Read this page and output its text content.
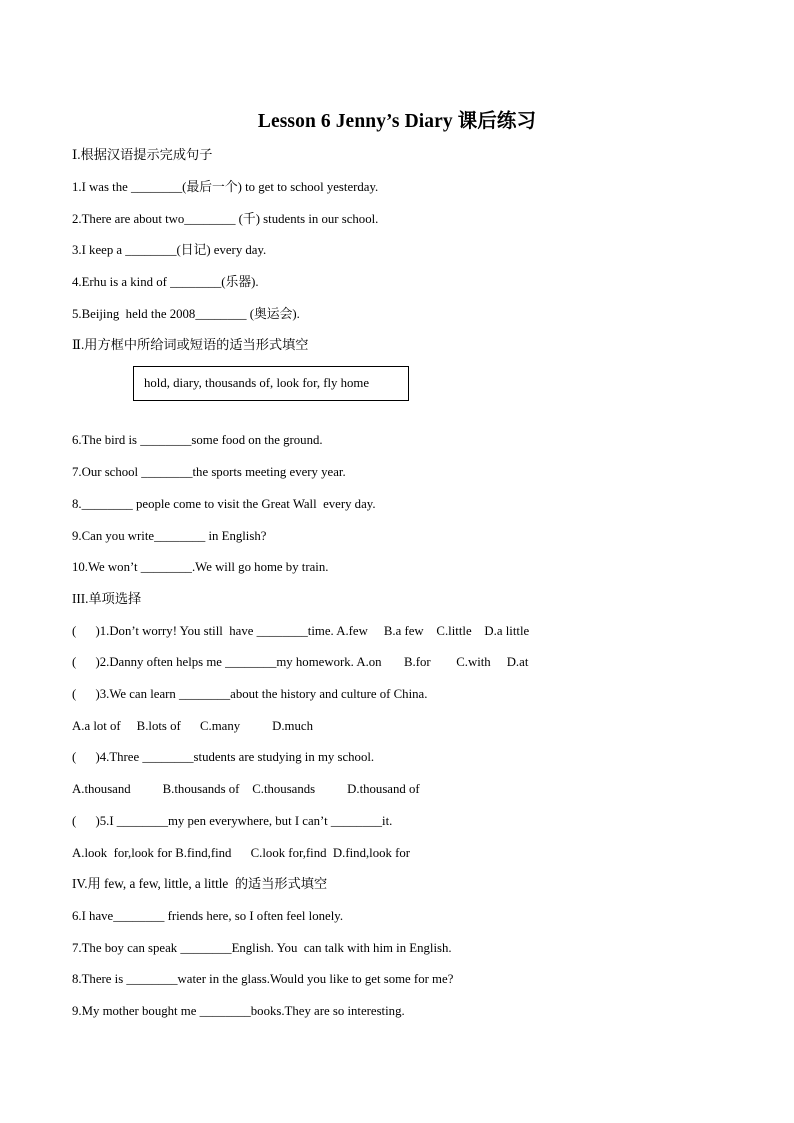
Lesson 6 Jenny’s Diary 课后练习
Ⅰ.根据汉语提示完成句子
1.I was the ________(最后一个) to get to school yesterday.
2.There are about two________ (千) students in our school.
3.I keep a ________(日记) every day.
4.Erhu is a kind of ________(乐器).
5.Beijing  held the 2008________ (奥运会).
Ⅱ.用方框中所给词或短语的适当形式填空
hold, diary, thousands of, look for, fly home
6.The bird is ________some food on the ground.
7.Our school ________the sports meeting every year.
8.________ people come to visit the Great Wall  every day.
9.Can you write________ in English?
10.We won’t ________.We will go home by train.
III.单项选择
(      )1.Don’t worry! You still  have ________time. A.few     B.a few    C.little    D.a little
(      )2.Danny often helps me ________my homework. A.on       B.for        C.with     D.at
(      )3.We can learn ________about the history and culture of China.
A.a lot of     B.lots of      C.many          D.much
(      )4.Three ________students are studying in my school.
A.thousand          B.thousands of    C.thousands          D.thousand of
(      )5.I ________my pen everywhere, but I can’t ________it.
A.look  for,look for B.find,find      C.look for,find  D.find,look for
IV.用 few, a few, little, a little  的适当形式填空
6.I have________ friends here, so I often feel lonely.
7.The boy can speak ________English. You  can talk with him in English.
8.There is ________water in the glass.Would you like to get some for me?
9.My mother bought me ________books.They are so interesting.
